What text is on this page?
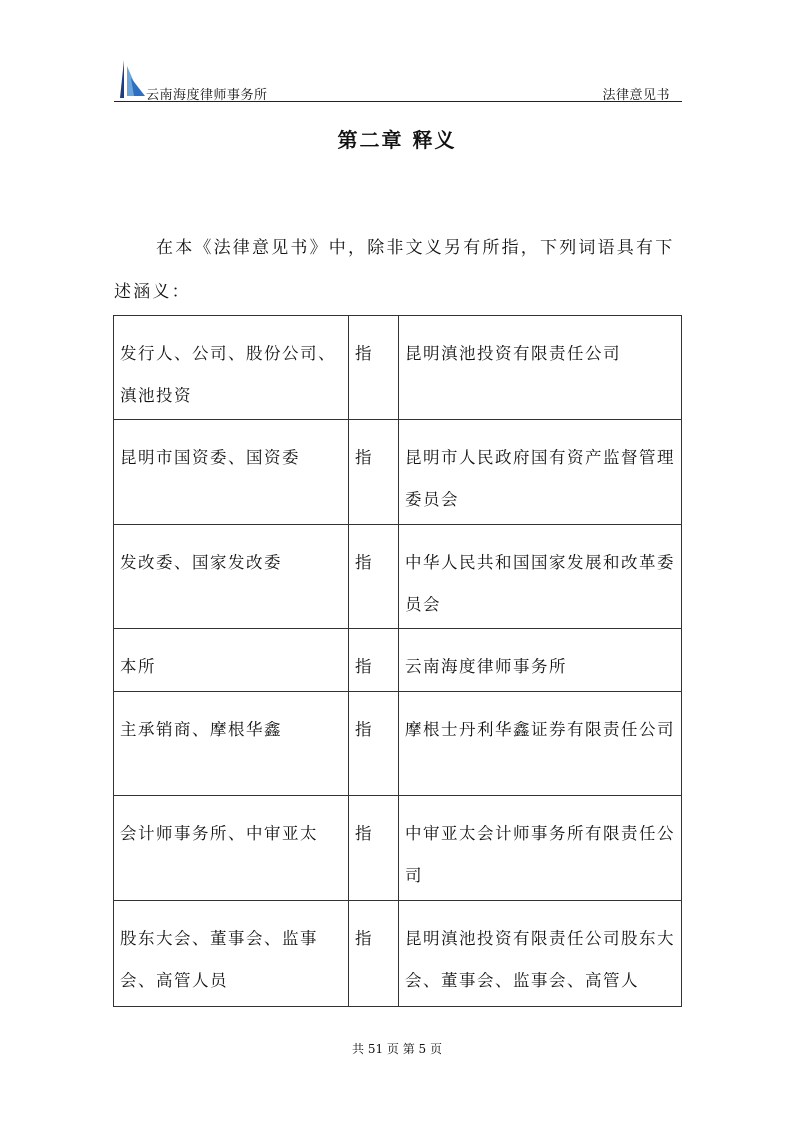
云南海度律师事务所	法律意见书
第二章 释义

在本《法律意见书》中，除非文义另有所指，下列词语具有下述涵义：

发行人、公司、股份公司、滇池投资	指	昆明滇池投资有限责任公司
昆明市国资委、国资委	指	昆明市人民政府国有资产监督管理委员会
发改委、国家发改委	指	中华人民共和国国家发展和改革委员会
本所	指	云南海度律师事务所
主承销商、摩根华鑫	指	摩根士丹利华鑫证券有限责任公司
会计师事务所、中审亚太	指	中审亚太会计师事务所有限责任公司
股东大会、董事会、监事会、高管人员	指	昆明滇池投资有限责任公司股东大会、董事会、监事会、高管人
共 51 页 第 5 页
